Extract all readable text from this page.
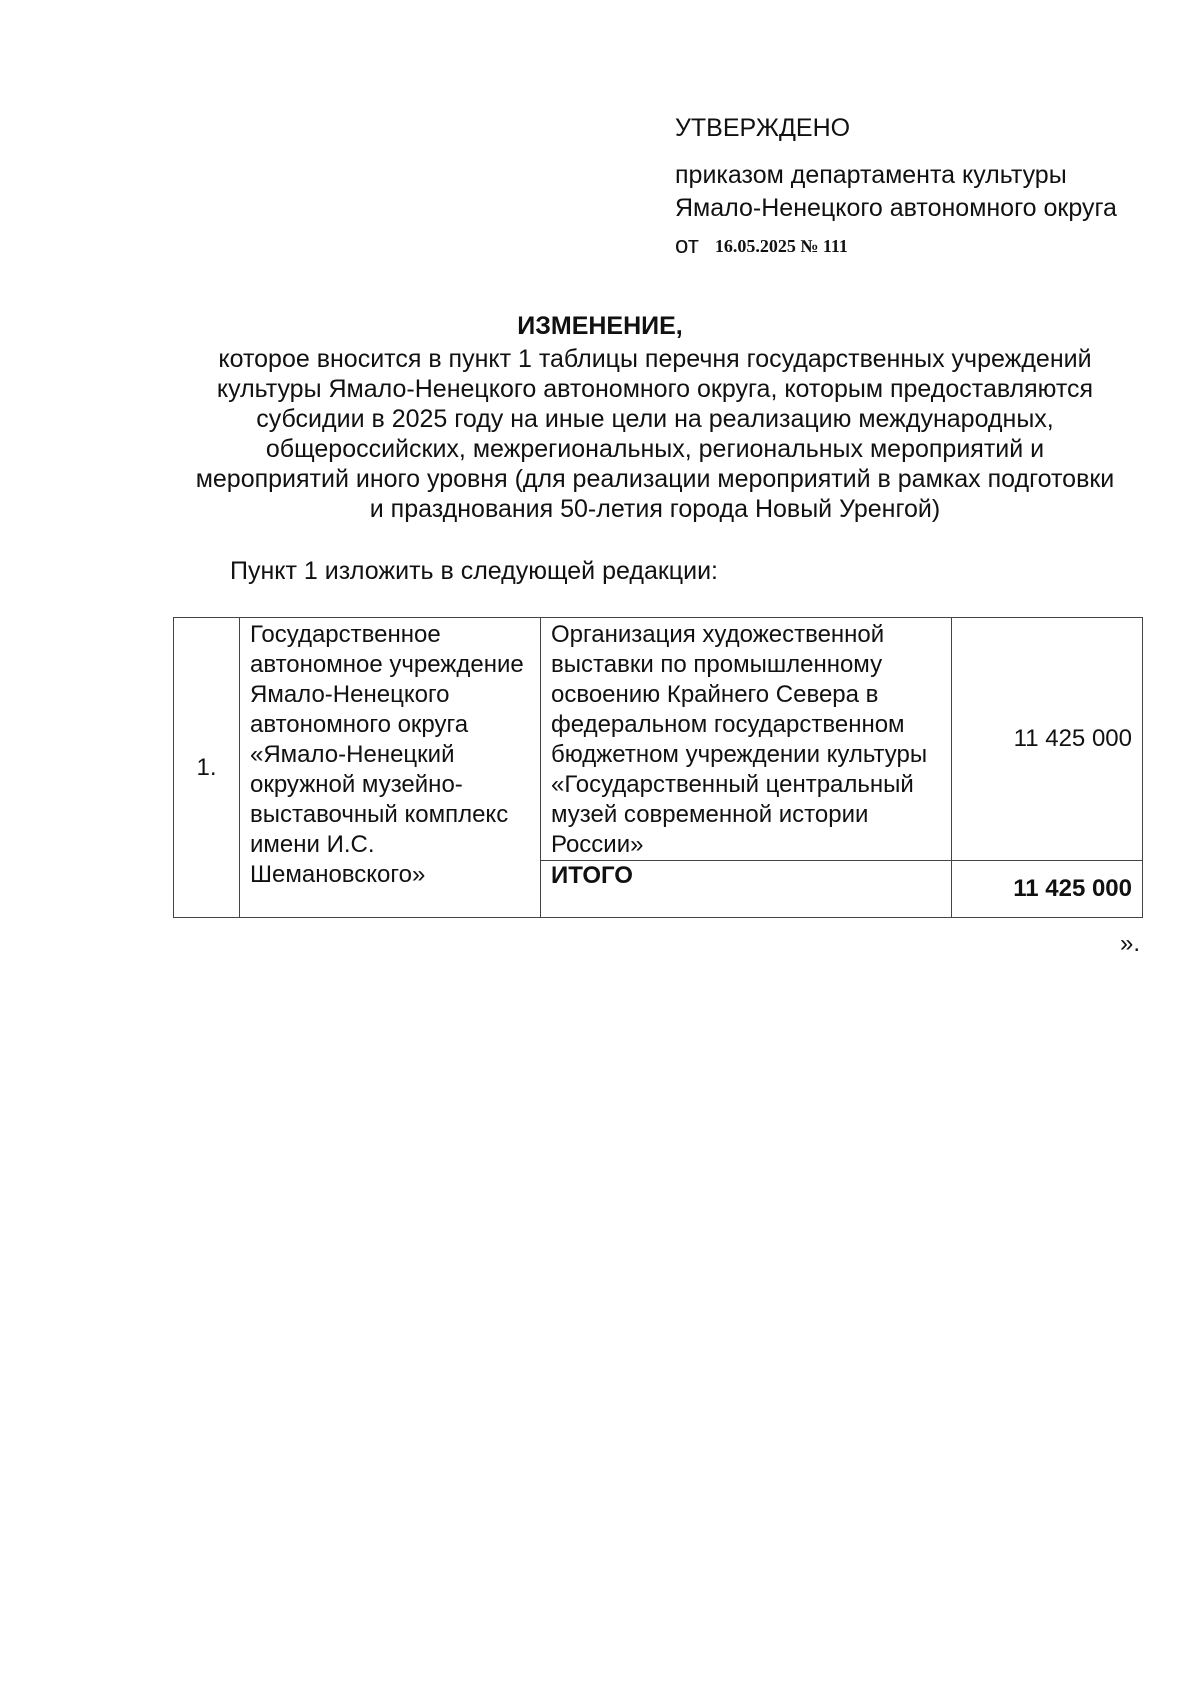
УТВЕРЖДЕНО
приказом департамента культуры
Ямало-Ненецкого автономного округа
от 16.05.2025 № 111
ИЗМЕНЕНИЕ,
которое вносится в пункт 1 таблицы перечня государственных учреждений
культуры Ямало-Ненецкого автономного округа, которым предоставляются
субсидии в 2025 году на иные цели на реализацию международных,
общероссийских, межрегиональных, региональных мероприятий и
мероприятий иного уровня (для реализации мероприятий в рамках подготовки
и празднования 50-летия города Новый Уренгой)
Пункт 1 изложить в следующей редакции:
1.	Государственное автономное учреждение Ямало-Ненецкого автономного округа «Ямало-Ненецкий окружной музейно-выставочный комплекс имени И.С. Шемановского»	Организация художественной выставки по промышленному освоению Крайнего Севера в федеральном государственном бюджетном учреждении культуры «Государственный центральный музей современной истории России»	11 425 000
		ИТОГО	11 425 000
».
